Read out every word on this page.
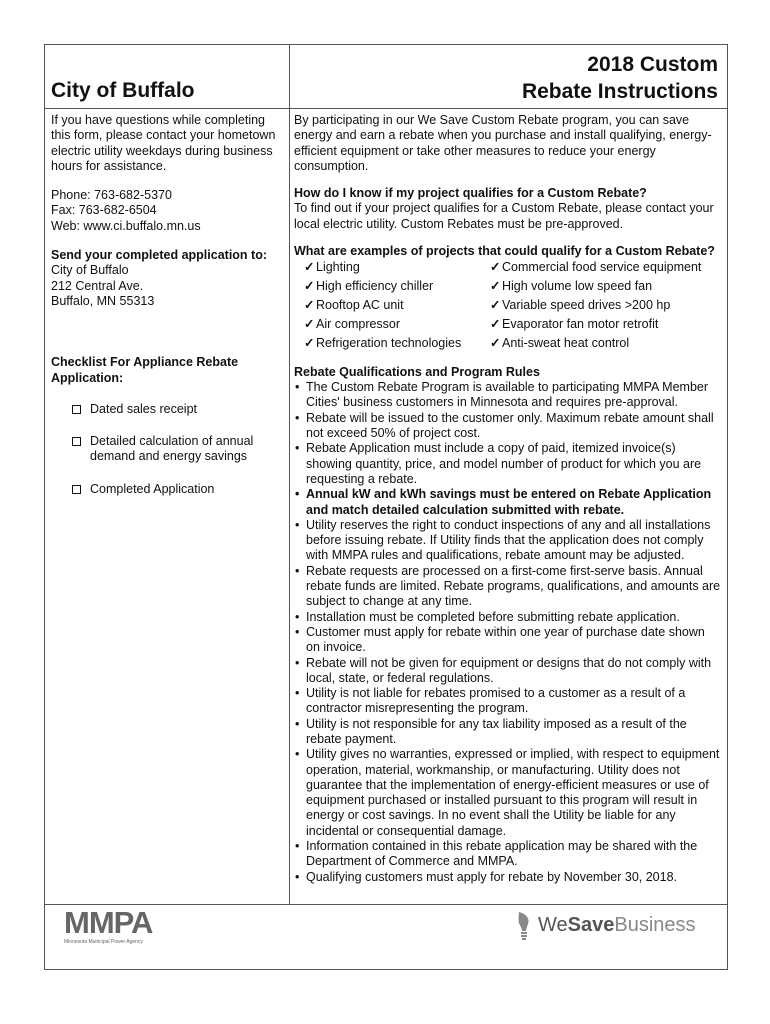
City of Buffalo
2018 Custom
Rebate Instructions

If you have questions while completing this form, please contact your hometown electric utility weekdays during business hours for assistance.

Phone: 763-682-5370

Fax: 763-682-6504

Web: www.ci.buffalo.mn.us

Send your completed application to:

City of Buffalo

212 Central Ave.

Buffalo, MN 55313

Checklist For Appliance Rebate Application:

Dated sales receipt
Detailed calculation of annual demand and energy savings
Completed Application

By participating in our We Save Custom Rebate program, you can save energy and earn a rebate when you purchase and install qualifying, energy-efficient equipment or take other measures to reduce your energy consumption.

How do I know if my project qualifies for a Custom Rebate?

To find out if your project qualifies for a Custom Rebate, please contact your local electric utility. Custom Rebates must be pre-approved.

What are examples of projects that could qualify for a Custom Rebate?

✓ Lighting	✓ Commercial food service equipment
✓ High efficiency chiller	✓ High volume low speed fan
✓ Rooftop AC unit	✓ Variable speed drives >200 hp
✓ Air compressor	✓ Evaporator fan motor retrofit
✓ Refrigeration technologies ✓ Anti-sweat heat control

Rebate Qualifications and Program Rules

• The Custom Rebate Program is available to participating MMPA Member Cities' business customers in Minnesota and requires pre-approval.
• Rebate will be issued to the customer only. Maximum rebate amount shall not exceed 50% of project cost.
• Rebate Application must include a copy of paid, itemized invoice(s) showing quantity, price, and model number of product for which you are requesting a rebate.
• Annual kW and kWh savings must be entered on Rebate Application and match detailed calculation submitted with rebate.
• Utility reserves the right to conduct inspections of any and all installations before issuing rebate. If Utility finds that the application does not comply with MMPA rules and qualifications, rebate amount may be adjusted.
• Rebate requests are processed on a first-come first-serve basis. Annual rebate funds are limited. Rebate programs, qualifications, and amounts are subject to change at any time.
• Installation must be completed before submitting rebate application.
• Customer must apply for rebate within one year of purchase date shown on invoice.
• Rebate will not be given for equipment or designs that do not comply with local, state, or federal regulations.
• Utility is not liable for rebates promised to a customer as a result of a contractor misrepresenting the program.
• Utility is not responsible for any tax liability imposed as a result of the rebate payment.
• Utility gives no warranties, expressed or implied, with respect to equipment operation, material, workmanship, or manufacturing. Utility does not guarantee that the implementation of energy-efficient measures or use of equipment purchased or installed pursuant to this program will result in energy or cost savings. In no event shall the Utility be liable for any incidental or consequential damage.
• Information contained in this rebate application may be shared with the Department of Commerce and MMPA.
• Qualifying customers must apply for rebate by November 30, 2018.
MMPA
Minnesota Municipal Power Agency
WeSaveBusiness
